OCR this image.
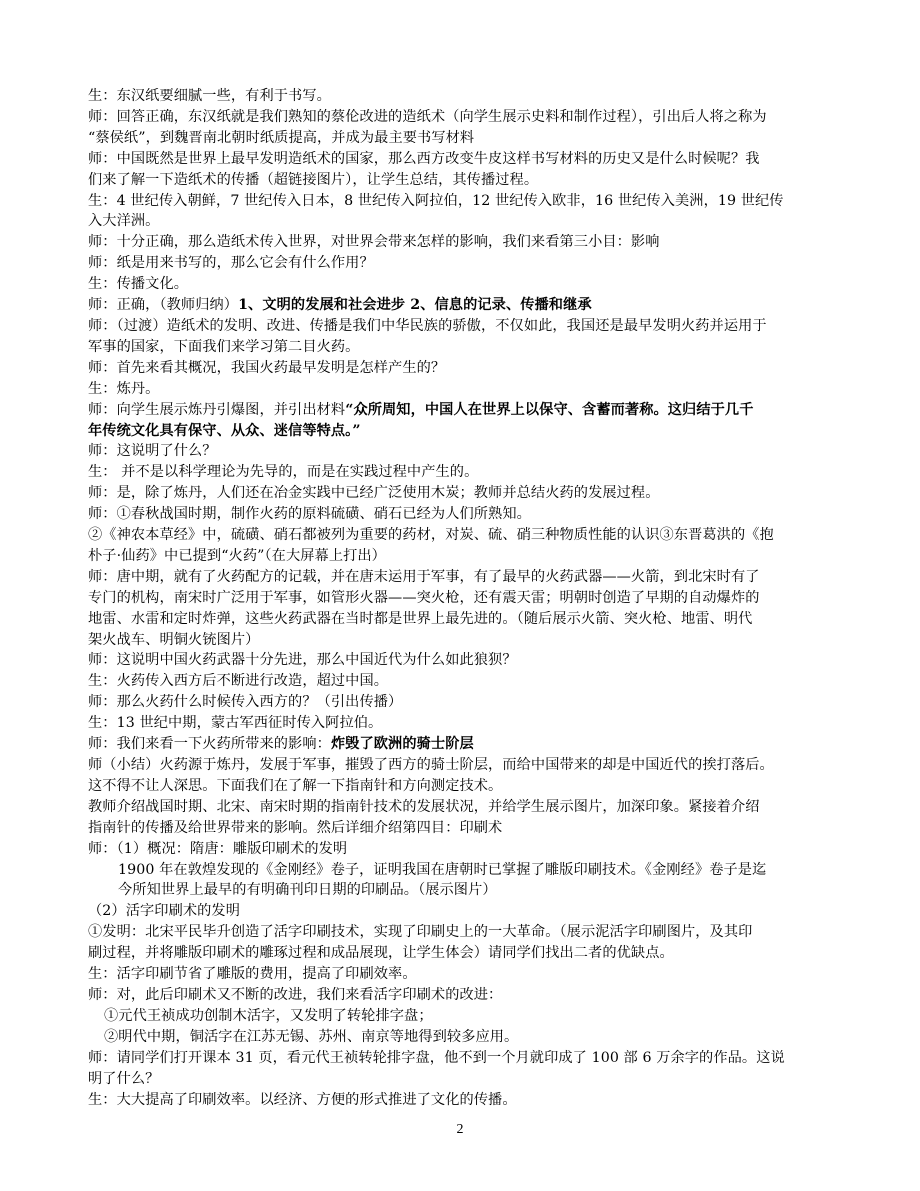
生：东汉纸要细腻一些，有利于书写。
师：回答正确，东汉纸就是我们熟知的蔡伦改进的造纸术（向学生展示史料和制作过程），引出后人将之称为
“蔡侯纸”，到魏晋南北朝时纸质提高，并成为最主要书写材料
师：中国既然是世界上最早发明造纸术的国家，那么西方改变牛皮这样书写材料的历史又是什么时候呢？我
们来了解一下造纸术的传播（超链接图片），让学生总结，其传播过程。
生：4 世纪传入朝鲜，7 世纪传入日本，8 世纪传入阿拉伯，12 世纪传入欧非，16 世纪传入美洲，19 世纪传
入大洋洲。
师：十分正确，那么造纸术传入世界，对世界会带来怎样的影响，我们来看第三小目：影响
师：纸是用来书写的，那么它会有什么作用？
生：传播文化。
师：正确，（教师归纳）1、文明的发展和社会进步 2、信息的记录、传播和继承
师：（过渡）造纸术的发明、改进、传播是我们中华民族的骄傲，不仅如此，我国还是最早发明火药并运用于
军事的国家，下面我们来学习第二目火药。
师：首先来看其概况，我国火药最早发明是怎样产生的？
生：炼丹。
师：向学生展示炼丹引爆图，并引出材料“众所周知，中国人在世界上以保守、含蓄而著称。这归结于几千
年传统文化具有保守、从众、迷信等特点。”
师：这说明了什么？
生： 并不是以科学理论为先导的，而是在实践过程中产生的。
师：是，除了炼丹，人们还在冶金实践中已经广泛使用木炭；教师并总结火药的发展过程。
师：①春秋战国时期，制作火药的原料硫磺、硝石已经为人们所熟知。
②《神农本草经》中，硫磺、硝石都被列为重要的药材，对炭、硫、硝三种物质性能的认识③东晋葛洪的《抱
朴子·仙药》中已提到“火药”（在大屏幕上打出）
师：唐中期，就有了火药配方的记载，并在唐末运用于军事，有了最早的火药武器——火箭，到北宋时有了
专门的机构，南宋时广泛用于军事，如管形火器——突火枪，还有震天雷；明朝时创造了早期的自动爆炸的
地雷、水雷和定时炸弹，这些火药武器在当时都是世界上最先进的。（随后展示火箭、突火枪、地雷、明代
架火战车、明铜火铳图片）
师：这说明中国火药武器十分先进，那么中国近代为什么如此狼狈？
生：火药传入西方后不断进行改造，超过中国。
师：那么火药什么时候传入西方的？（引出传播）
生：13 世纪中期，蒙古军西征时传入阿拉伯。
师：我们来看一下火药所带来的影响：炸毁了欧洲的骑士阶层
师（小结）火药源于炼丹，发展于军事，摧毁了西方的骑士阶层，而给中国带来的却是中国近代的挨打落后。
这不得不让人深思。下面我们在了解一下指南针和方向测定技术。
教师介绍战国时期、北宋、南宋时期的指南针技术的发展状况，并给学生展示图片，加深印象。紧接着介绍
指南针的传播及给世界带来的影响。然后详细介绍第四目：印刷术
师：（1）概况：隋唐：雕版印刷术的发明
1900 年在敦煌发现的《金刚经》卷子，证明我国在唐朝时已掌握了雕版印刷技术。《金刚经》卷子是迄
今所知世界上最早的有明确刊印日期的印刷品。（展示图片）
（2）活字印刷术的发明
①发明：北宋平民毕升创造了活字印刷技术，实现了印刷史上的一大革命。（展示泥活字印刷图片，及其印
刷过程，并将雕版印刷术的雕琢过程和成品展现，让学生体会）请同学们找出二者的优缺点。
生：活字印刷节省了雕版的费用，提高了印刷效率。
师：对，此后印刷术又不断的改进，我们来看活字印刷术的改进：
①元代王祯成功创制木活字，又发明了转轮排字盘；
②明代中期，铜活字在江苏无锡、苏州、南京等地得到较多应用。
师：请同学们打开课本 31 页，看元代王祯转轮排字盘，他不到一个月就印成了 100 部 6 万余字的作品。这说
明了什么？
生：大大提高了印刷效率。以经济、方便的形式推进了文化的传播。
2
